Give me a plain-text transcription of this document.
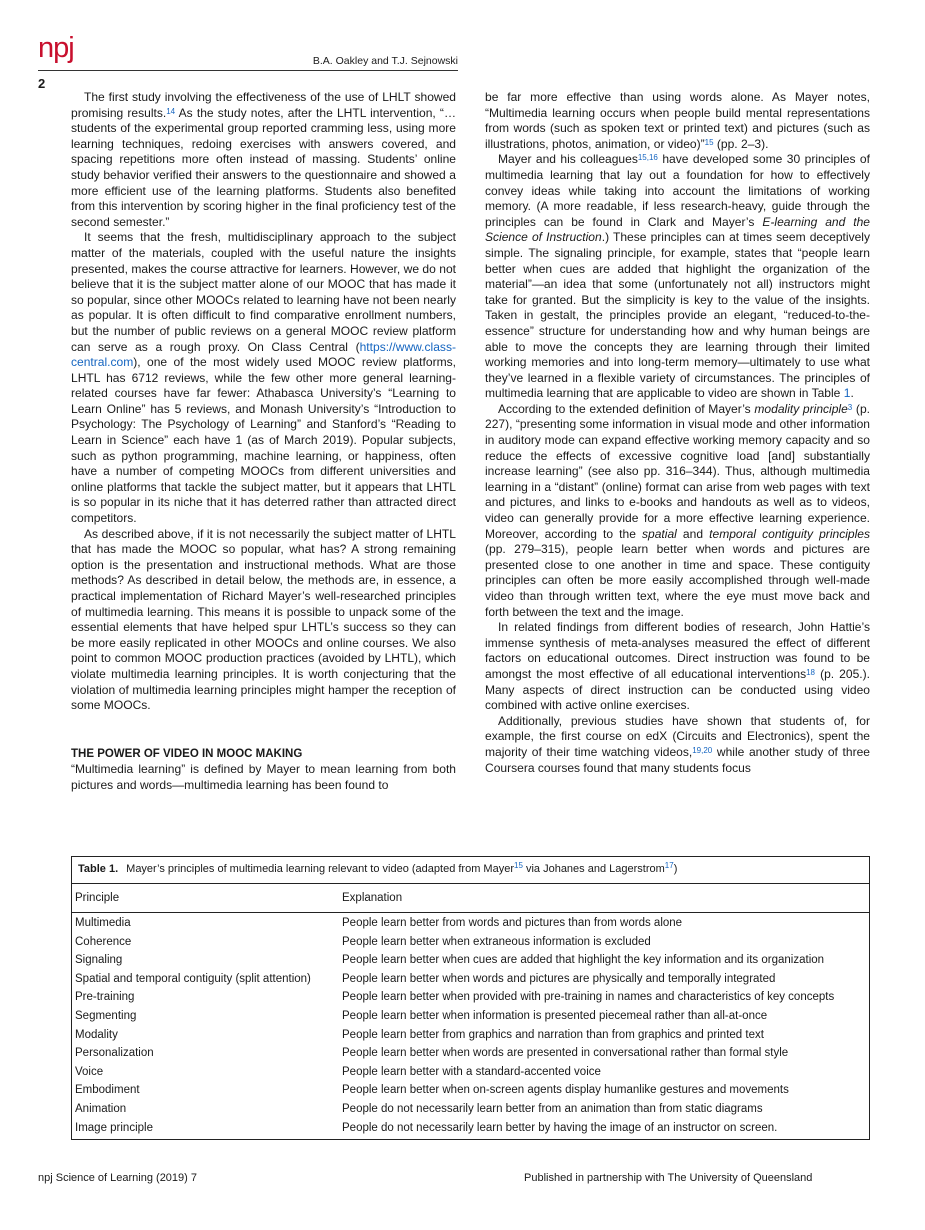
npj
2
B.A. Oakley and T.J. Sejnowski

The first study involving the effectiveness of the use of LHLT showed promising results.$^{14}$ As the study notes, after the LHTL intervention, “…students of the experimental group reported cramming less, using more learning techniques, redoing exercises with answers covered, and spacing repetitions more often instead of massing. Students’ online study behavior verified their answers to the questionnaire and showed a more efficient use of the learning platforms. Students also benefited from this intervention by scoring higher in the final proficiency test of the second semester.”

It seems that the fresh, multidisciplinary approach to the subject matter of the materials, coupled with the useful nature the insights presented, makes the course attractive for learners. However, we do not believe that it is the subject matter alone of our MOOC that has made it so popular, since other MOOCs related to learning have not been nearly as popular. It is often difficult to find comparative enrollment numbers, but the number of public reviews on a general MOOC review platform can serve as a rough proxy. On Class Central (https://www.class-central.com), one of the most widely used MOOC review platforms, LHTL has 6712 reviews, while the few other more general learning-related courses have far fewer: Athabasca University’s “Learning to Learn Online” has 5 reviews, and Monash University’s “Introduction to Psychology: The Psychology of Learning” and Stanford’s “Reading to Learn in Science” each have 1 (as of March 2019). Popular subjects, such as python programming, machine learning, or happiness, often have a number of competing MOOCs from different universities and online platforms that tackle the subject matter, but it appears that LHTL is so popular in its niche that it has deterred rather than attracted direct competitors.

As described above, if it is not necessarily the subject matter of LHTL that has made the MOOC so popular, what has? A strong remaining option is the presentation and instructional methods. What are those methods? As described in detail below, the methods are, in essence, a practical implementation of Richard Mayer’s well-researched principles of multimedia learning. This means it is possible to unpack some of the essential elements that have helped spur LHTL’s success so they can be more easily replicated in other MOOCs and online courses. We also point to common MOOC production practices (avoided by LHTL), which violate multimedia learning principles. It is worth conjecturing that the violation of multimedia learning principles might hamper the reception of some MOOCs.

THE POWER OF VIDEO IN MOOC MAKING

“Multimedia learning” is defined by Mayer to mean learning from both pictures and words—multimedia learning has been found to

be far more effective than using words alone. As Mayer notes, “Multimedia learning occurs when people build mental representations from words (such as spoken text or printed text) and pictures (such as illustrations, photos, animation, or video)”$^{15}$ (pp. 2–3).

Mayer and his colleagues$^{15,16}$ have developed some 30 principles of multimedia learning that lay out a foundation for how to effectively convey ideas while taking into account the limitations of working memory. (A more readable, if less research-heavy, guide through the principles can be found in Clark and Mayer’s E-learning and the Science of Instruction.) These principles can at times seem deceptively simple. The signaling principle, for example, states that “people learn better when cues are added that highlight the organization of the material”—an idea that some (unfortunately not all) instructors might take for granted. But the simplicity is key to the value of the insights. Taken in gestalt, the principles provide an elegant, “reduced-to-the-essence” structure for understanding how and why human beings are able to move the concepts they are learning through their limited working memories and into long-term memory—ultimately to use what they’ve learned in a flexible variety of circumstances. The principles of multimedia learning that are applicable to video are shown in Table 1.

According to the extended definition of Mayer’s modality principle$^3$ (p. 227), “presenting some information in visual mode and other information in auditory mode can expand effective working memory capacity and so reduce the effects of excessive cognitive load [and] substantially increase learning” (see also pp. 316–344). Thus, although multimedia learning in a “distant” (online) format can arise from web pages with text and pictures, and links to e-books and handouts as well as to videos, video can generally provide for a more effective learning experience. Moreover, according to the spatial and temporal contiguity principles (pp. 279–315), people learn better when words and pictures are presented close to one another in time and space. These contiguity principles can often be more easily accomplished through well-made video than through written text, where the eye must move back and forth between the text and the image.

In related findings from different bodies of research, John Hattie’s immense synthesis of meta-analyses measured the effect of different factors on educational outcomes. Direct instruction was found to be amongst the most effective of all educational interventions$^{18}$ (p. 205.). Many aspects of direct instruction can be conducted using video combined with active online exercises.

Additionally, previous studies have shown that students of, for example, the first course on edX (Circuits and Electronics), spent the majority of their time watching videos,$^{19,20}$ while another study of three Coursera courses found that many students focus

Table 1. Mayer’s principles of multimedia learning relevant to video (adapted from Mayer$^{15}$ via Johanes and Lagerstrom$^{17}$)
Principle	Explanation
Multimedia	People learn better from words and pictures than from words alone
Coherence	People learn better when extraneous information is excluded
Signaling	People learn better when cues are added that highlight the key information and its organization
Spatial and temporal contiguity (split attention)	People learn better when words and pictures are physically and temporally integrated
Pre-training	People learn better when provided with pre-training in names and characteristics of key concepts
Segmenting	People learn better when information is presented piecemeal rather than all-at-once
Modality	People learn better from graphics and narration than from graphics and printed text
Personalization	People learn better when words are presented in conversational rather than formal style
Voice	People learn better with a standard-accented voice
Embodiment	People learn better when on-screen agents display humanlike gestures and movements
Animation	People do not necessarily learn better from an animation than from static diagrams
Image principle	People do not necessarily learn better by having the image of an instructor on screen.
npj Science of Learning (2019) 7	Published in partnership with The University of Queensland
